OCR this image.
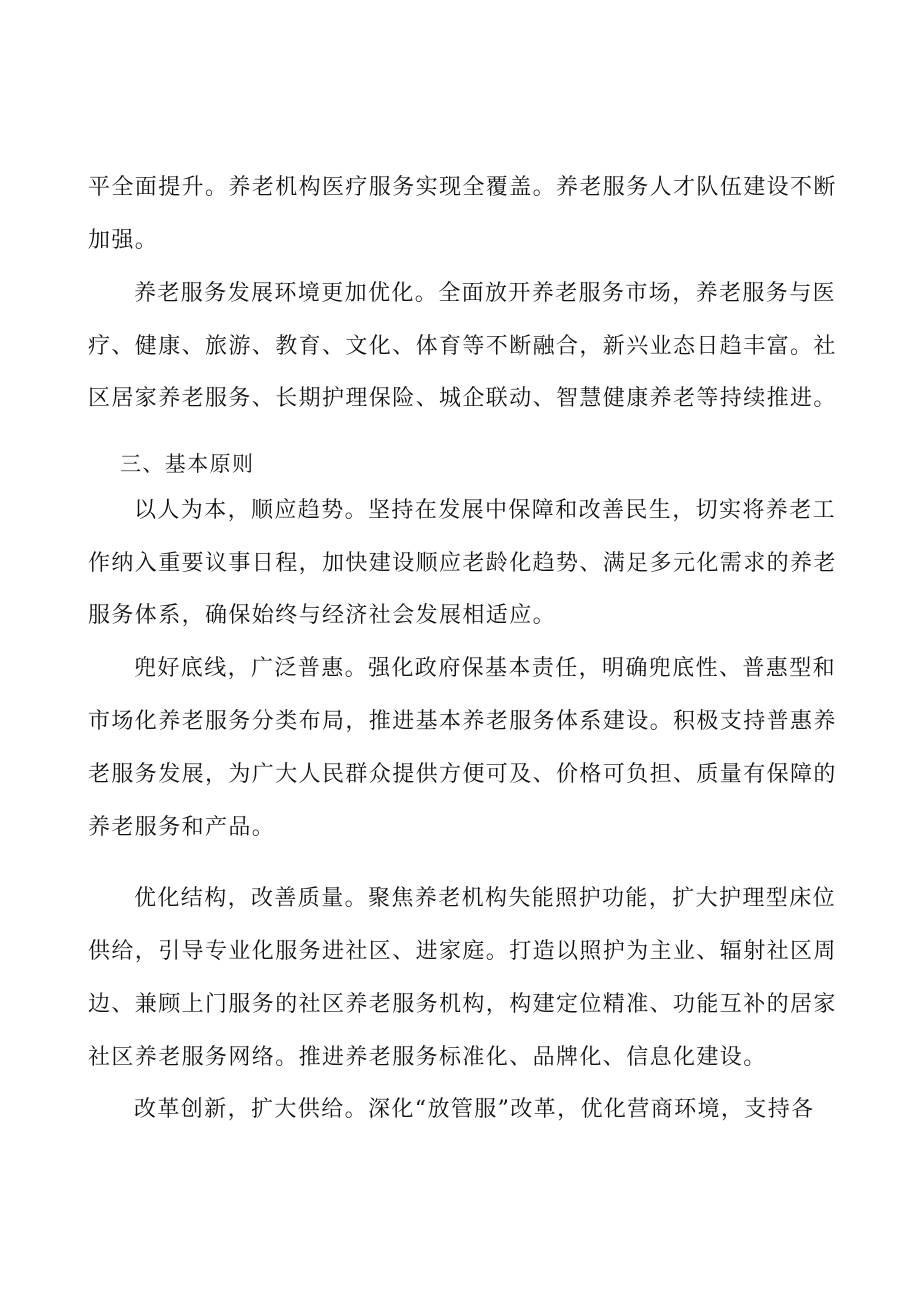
平全面提升。养老机构医疗服务实现全覆盖。养老服务人才队伍建设不断
加强。
养老服务发展环境更加优化。全面放开养老服务市场，养老服务与医
疗、健康、旅游、教育、文化、体育等不断融合，新兴业态日趋丰富。社
区居家养老服务、长期护理保险、城企联动、智慧健康养老等持续推进。
三、基本原则
以人为本，顺应趋势。坚持在发展中保障和改善民生，切实将养老工
作纳入重要议事日程，加快建设顺应老龄化趋势、满足多元化需求的养老
服务体系，确保始终与经济社会发展相适应。
兜好底线，广泛普惠。强化政府保基本责任，明确兜底性、普惠型和
市场化养老服务分类布局，推进基本养老服务体系建设。积极支持普惠养
老服务发展，为广大人民群众提供方便可及、价格可负担、质量有保障的
养老服务和产品。
优化结构，改善质量。聚焦养老机构失能照护功能，扩大护理型床位
供给，引导专业化服务进社区、进家庭。打造以照护为主业、辐射社区周
边、兼顾上门服务的社区养老服务机构，构建定位精准、功能互补的居家
社区养老服务网络。推进养老服务标准化、品牌化、信息化建设。
改革创新，扩大供给。深化“放管服”改革，优化营商环境，支持各
